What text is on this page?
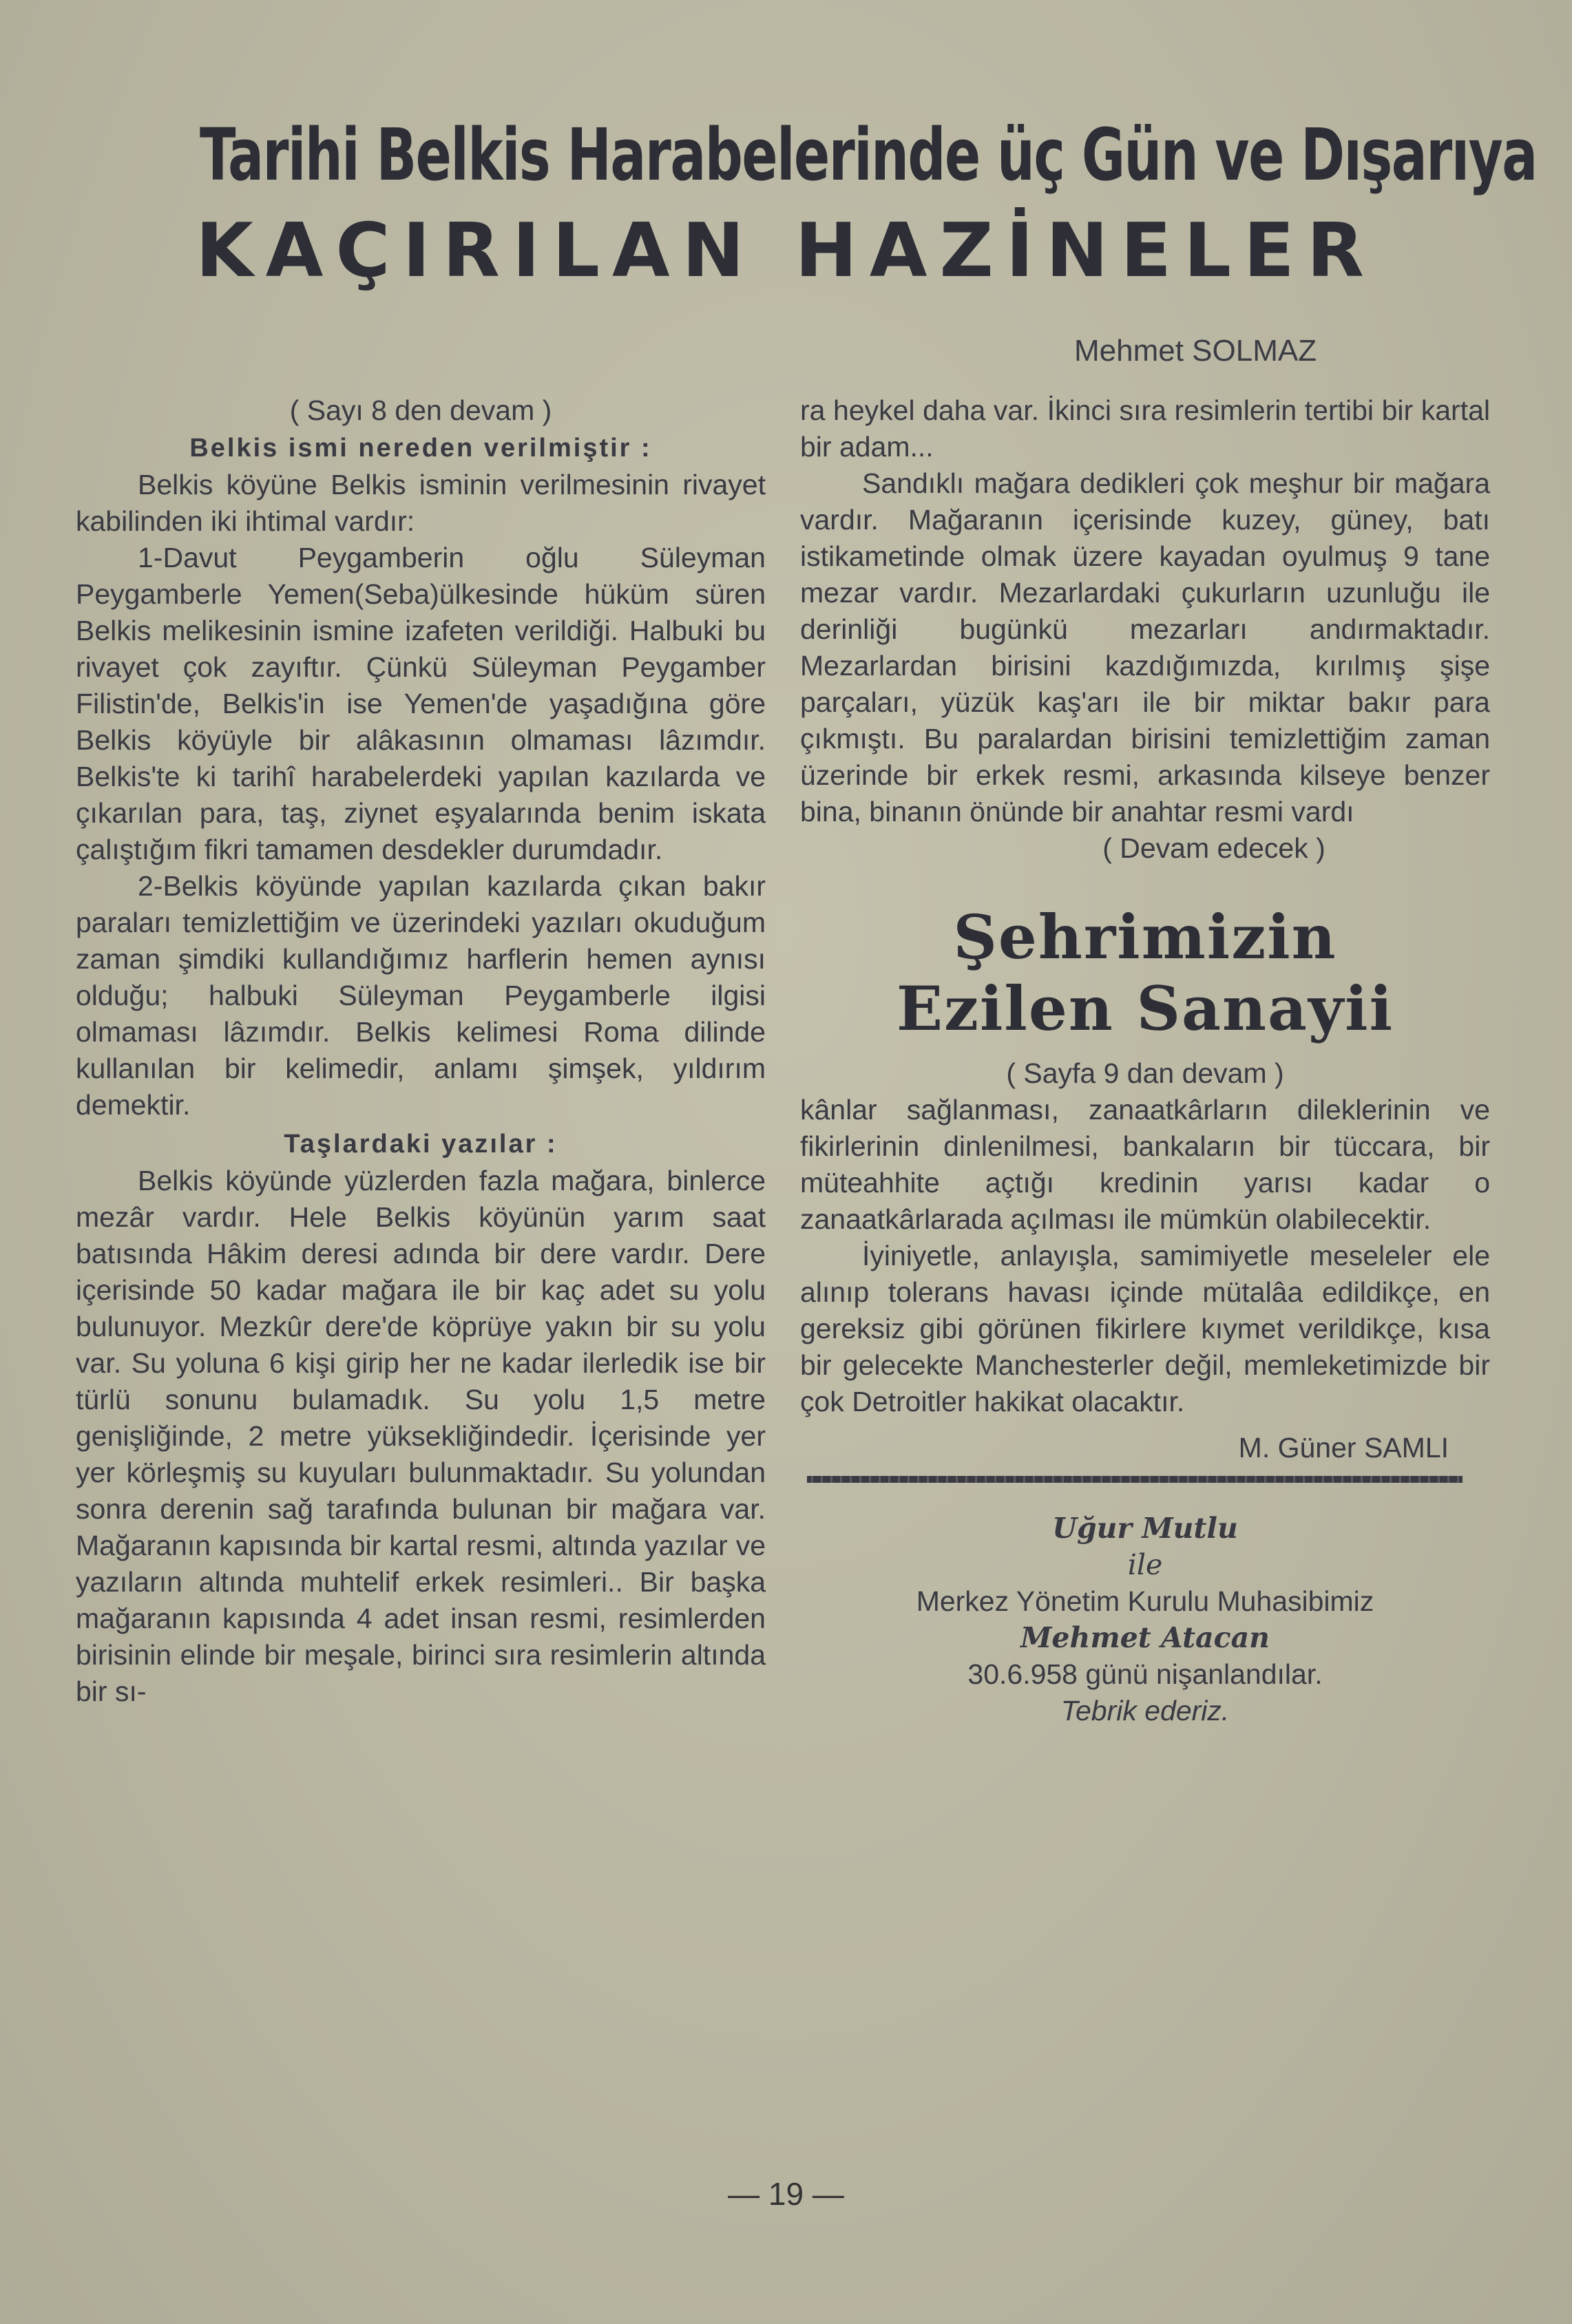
Tarihi Belkis Harabelerinde üç Gün ve Dışarıya
KAÇIRILAN HAZİNELER
Mehmet SOLMAZ
( Sayı 8 den devam )
Belkis ismi nereden verilmiştir :

Belkis köyüne Belkis isminin verilmesinin rivayet kabilinden iki ihtimal vardır:

1-Davut Peygamberin oğlu Süleyman Peygamberle Yemen(Seba)ülkesinde hüküm süren Belkis melikesinin ismine izafeten verildiği. Halbuki bu rivayet çok zayıftır. Çünkü Süleyman Peygamber Filistin'de, Belkis'in ise Yemen'de yaşadığına göre Belkis köyüyle bir alâkasının olmaması lâzımdır. Belkis'te ki tarihî harabelerdeki yapılan kazılarda ve çıkarılan para, taş, ziynet eşyalarında benim iskata çalıştığım fikri tamamen desdekler durumdadır.

2-Belkis köyünde yapılan kazılarda çıkan bakır paraları temizlettiğim ve üzerindeki yazıları okuduğum zaman şimdiki kullandığımız harflerin hemen aynısı olduğu; halbuki Süleyman Peygamberle ilgisi olmaması lâzımdır. Belkis kelimesi Roma dilinde kullanılan bir kelimedir, anlamı şimşek, yıldırım demektir.

Taşlardaki yazılar :

Belkis köyünde yüzlerden fazla mağara, binlerce mezâr vardır. Hele Belkis köyünün yarım saat batısında Hâkim deresi adında bir dere vardır. Dere içerisinde 50 kadar mağara ile bir kaç adet su yolu bulunuyor. Mezkûr dere'de köprüye yakın bir su yolu var. Su yoluna 6 kişi girip her ne kadar ilerledik ise bir türlü sonunu bulamadık. Su yolu 1,5 metre genişliğinde, 2 metre yüksekliğindedir. İçerisinde yer yer körleşmiş su kuyuları bulunmaktadır. Su yolundan sonra derenin sağ tarafında bulunan bir mağara var. Mağaranın kapısında bir kartal resmi, altında yazılar ve yazıların altında muhtelif erkek resimleri.. Bir başka mağaranın kapısında 4 adet insan resmi, resimlerden birisinin elinde bir meşale, birinci sıra resimlerin altında bir sı-

ra heykel daha var. İkinci sıra resimlerin tertibi bir kartal bir adam...

Sandıklı mağara dedikleri çok meşhur bir mağara vardır. Mağaranın içerisinde kuzey, güney, batı istikametinde olmak üzere kayadan oyulmuş 9 tane mezar vardır. Mezarlardaki çukurların uzunluğu ile derinliği bugünkü mezarları andırmaktadır. Mezarlardan birisini kazdığımızda, kırılmış şişe parçaları, yüzük kaş'arı ile bir miktar bakır para çıkmıştı. Bu paralardan birisini temizlettiğim zaman üzerinde bir erkek resmi, arkasında kilseye benzer bina, binanın önünde bir anahtar resmi vardı

( Devam edecek )
Şehrimizin
Ezilen Sanayii
( Sayfa 9 dan devam )

kânlar sağlanması, zanaatkârların dileklerinin ve fikirlerinin dinlenilmesi, bankaların bir tüccara, bir müteahhite açtığı kredinin yarısı kadar o zanaatkârlarada açılması ile mümkün olabilecektir.

İyiniyetle, anlayışla, samimiyetle meseleler ele alınıp tolerans havası içinde mütalâa edildikçe, en gereksiz gibi görünen fikirlere kıymet verildikçe, kısa bir gelecekte Manchesterler değil, memleketimizde bir çok Detroitler hakikat olacaktır.

M. Güner SAMLI
Uğur Mutlu
ile
Merkez Yönetim Kurulu Muhasibimiz
Mehmet Atacan
30.6.958 günü nişanlandılar.
Tebrik ederiz.
— 19 —
